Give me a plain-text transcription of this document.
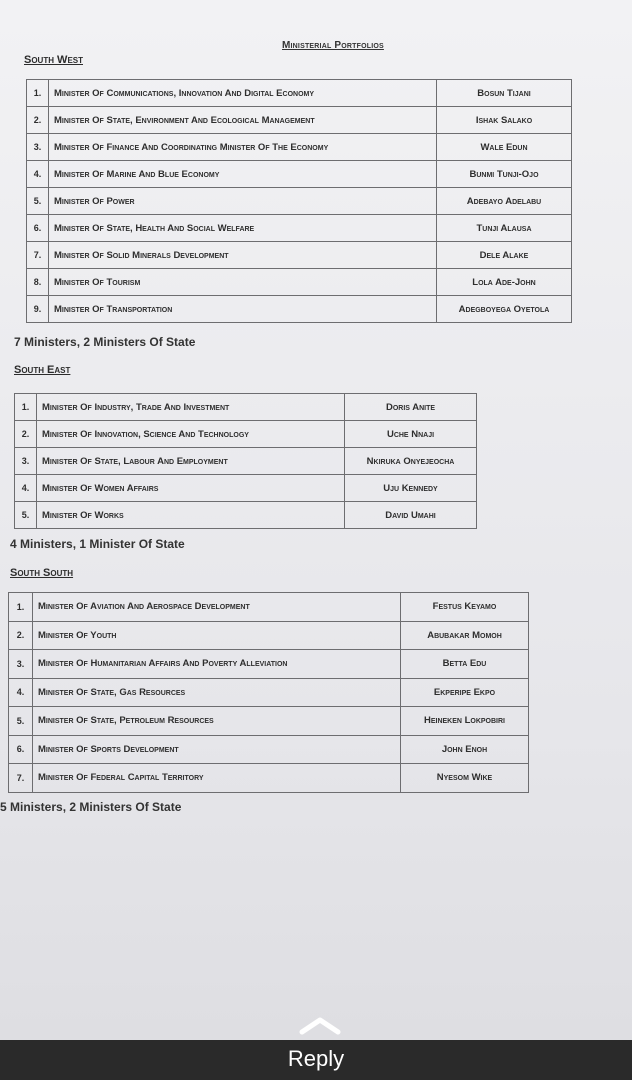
Ministerial Portfolios
South West
1.	Minister Of Communications, Innovation And Digital Economy	Bosun Tijani
2.	Minister Of State, Environment And Ecological Management	Ishak Salako
3.	Minister Of Finance And Coordinating Minister Of The Economy	Wale Edun
4.	Minister Of Marine And Blue Economy	Bunmi Tunji-Ojo
5.	Minister Of Power	Adebayo Adelabu
6.	Minister Of State, Health And Social Welfare	Tunji Alausa
7.	Minister Of Solid Minerals Development	Dele Alake
8.	Minister Of Tourism	Lola Ade-John
9.	Minister Of Transportation	Adegboyega Oyetola
7 Ministers, 2 Ministers Of State
South East
1.	Minister Of Industry, Trade And Investment	Doris Anite
2.	Minister Of Innovation, Science And Technology	Uche Nnaji
3.	Minister Of State, Labour And Employment	Nkiruka Onyejeocha
4.	Minister Of Women Affairs	Uju Kennedy
5.	Minister Of Works	David Umahi
4 Ministers, 1 Minister Of State
South South
1.	Minister Of Aviation And Aerospace Development	Festus Keyamo
2.	Minister Of Youth	Abubakar Momoh
3.	Minister Of Humanitarian Affairs And Poverty Alleviation	Betta Edu
4.	Minister Of State, Gas Resources	Ekperipe Ekpo
5.	Minister Of State, Petroleum Resources	Heineken Lokpobiri
6.	Minister Of Sports Development	John Enoh
7.	Minister Of Federal Capital Territory	Nyesom Wike
5 Ministers, 2 Ministers Of State
Reply
